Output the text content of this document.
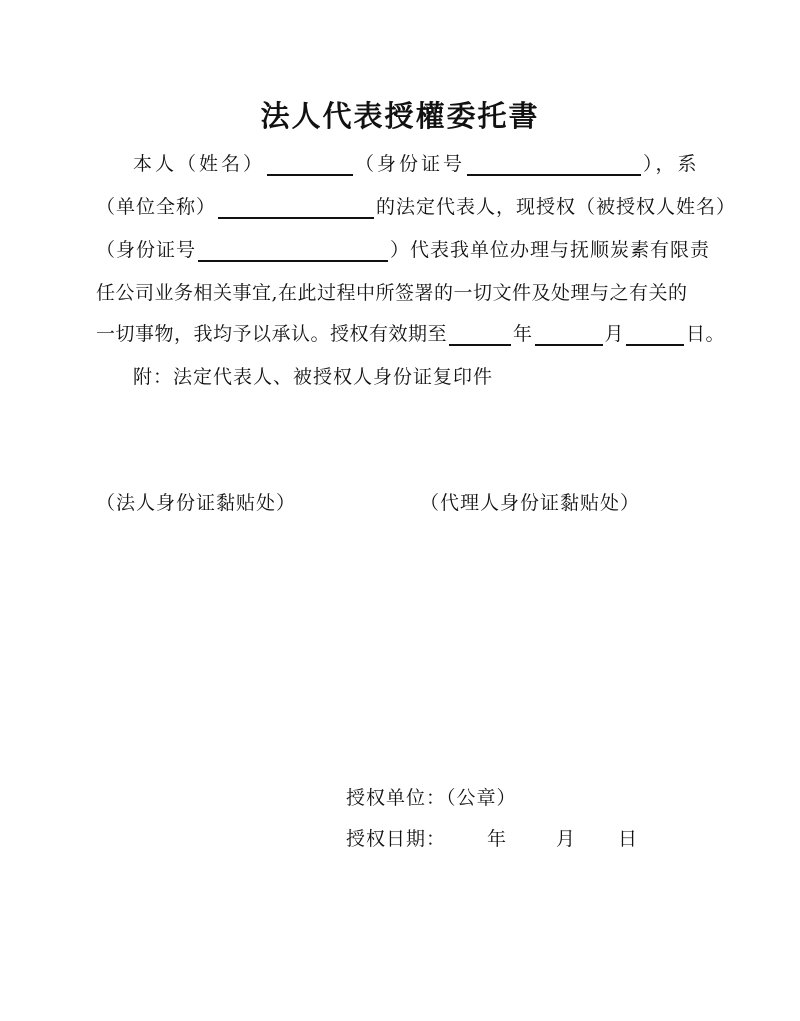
法人代表授權委托書
本人（姓名）	（身份证号	），系
（单位全称）	的法定代表人，现授权（被授权人姓名）
（身份证号	）代表我单位办理与抚顺炭素有限责
任公司业务相关事宜,在此过程中所签署的一切文件及处理与之有关的
一切事物，我均予以承认。授权有效期至	年	月	日。
附：法定代表人、被授权人身份证复印件
（法人身份证黏贴处）	（代理人身份证黏贴处）
授权单位：（公章）
授权日期： 年	月 日
